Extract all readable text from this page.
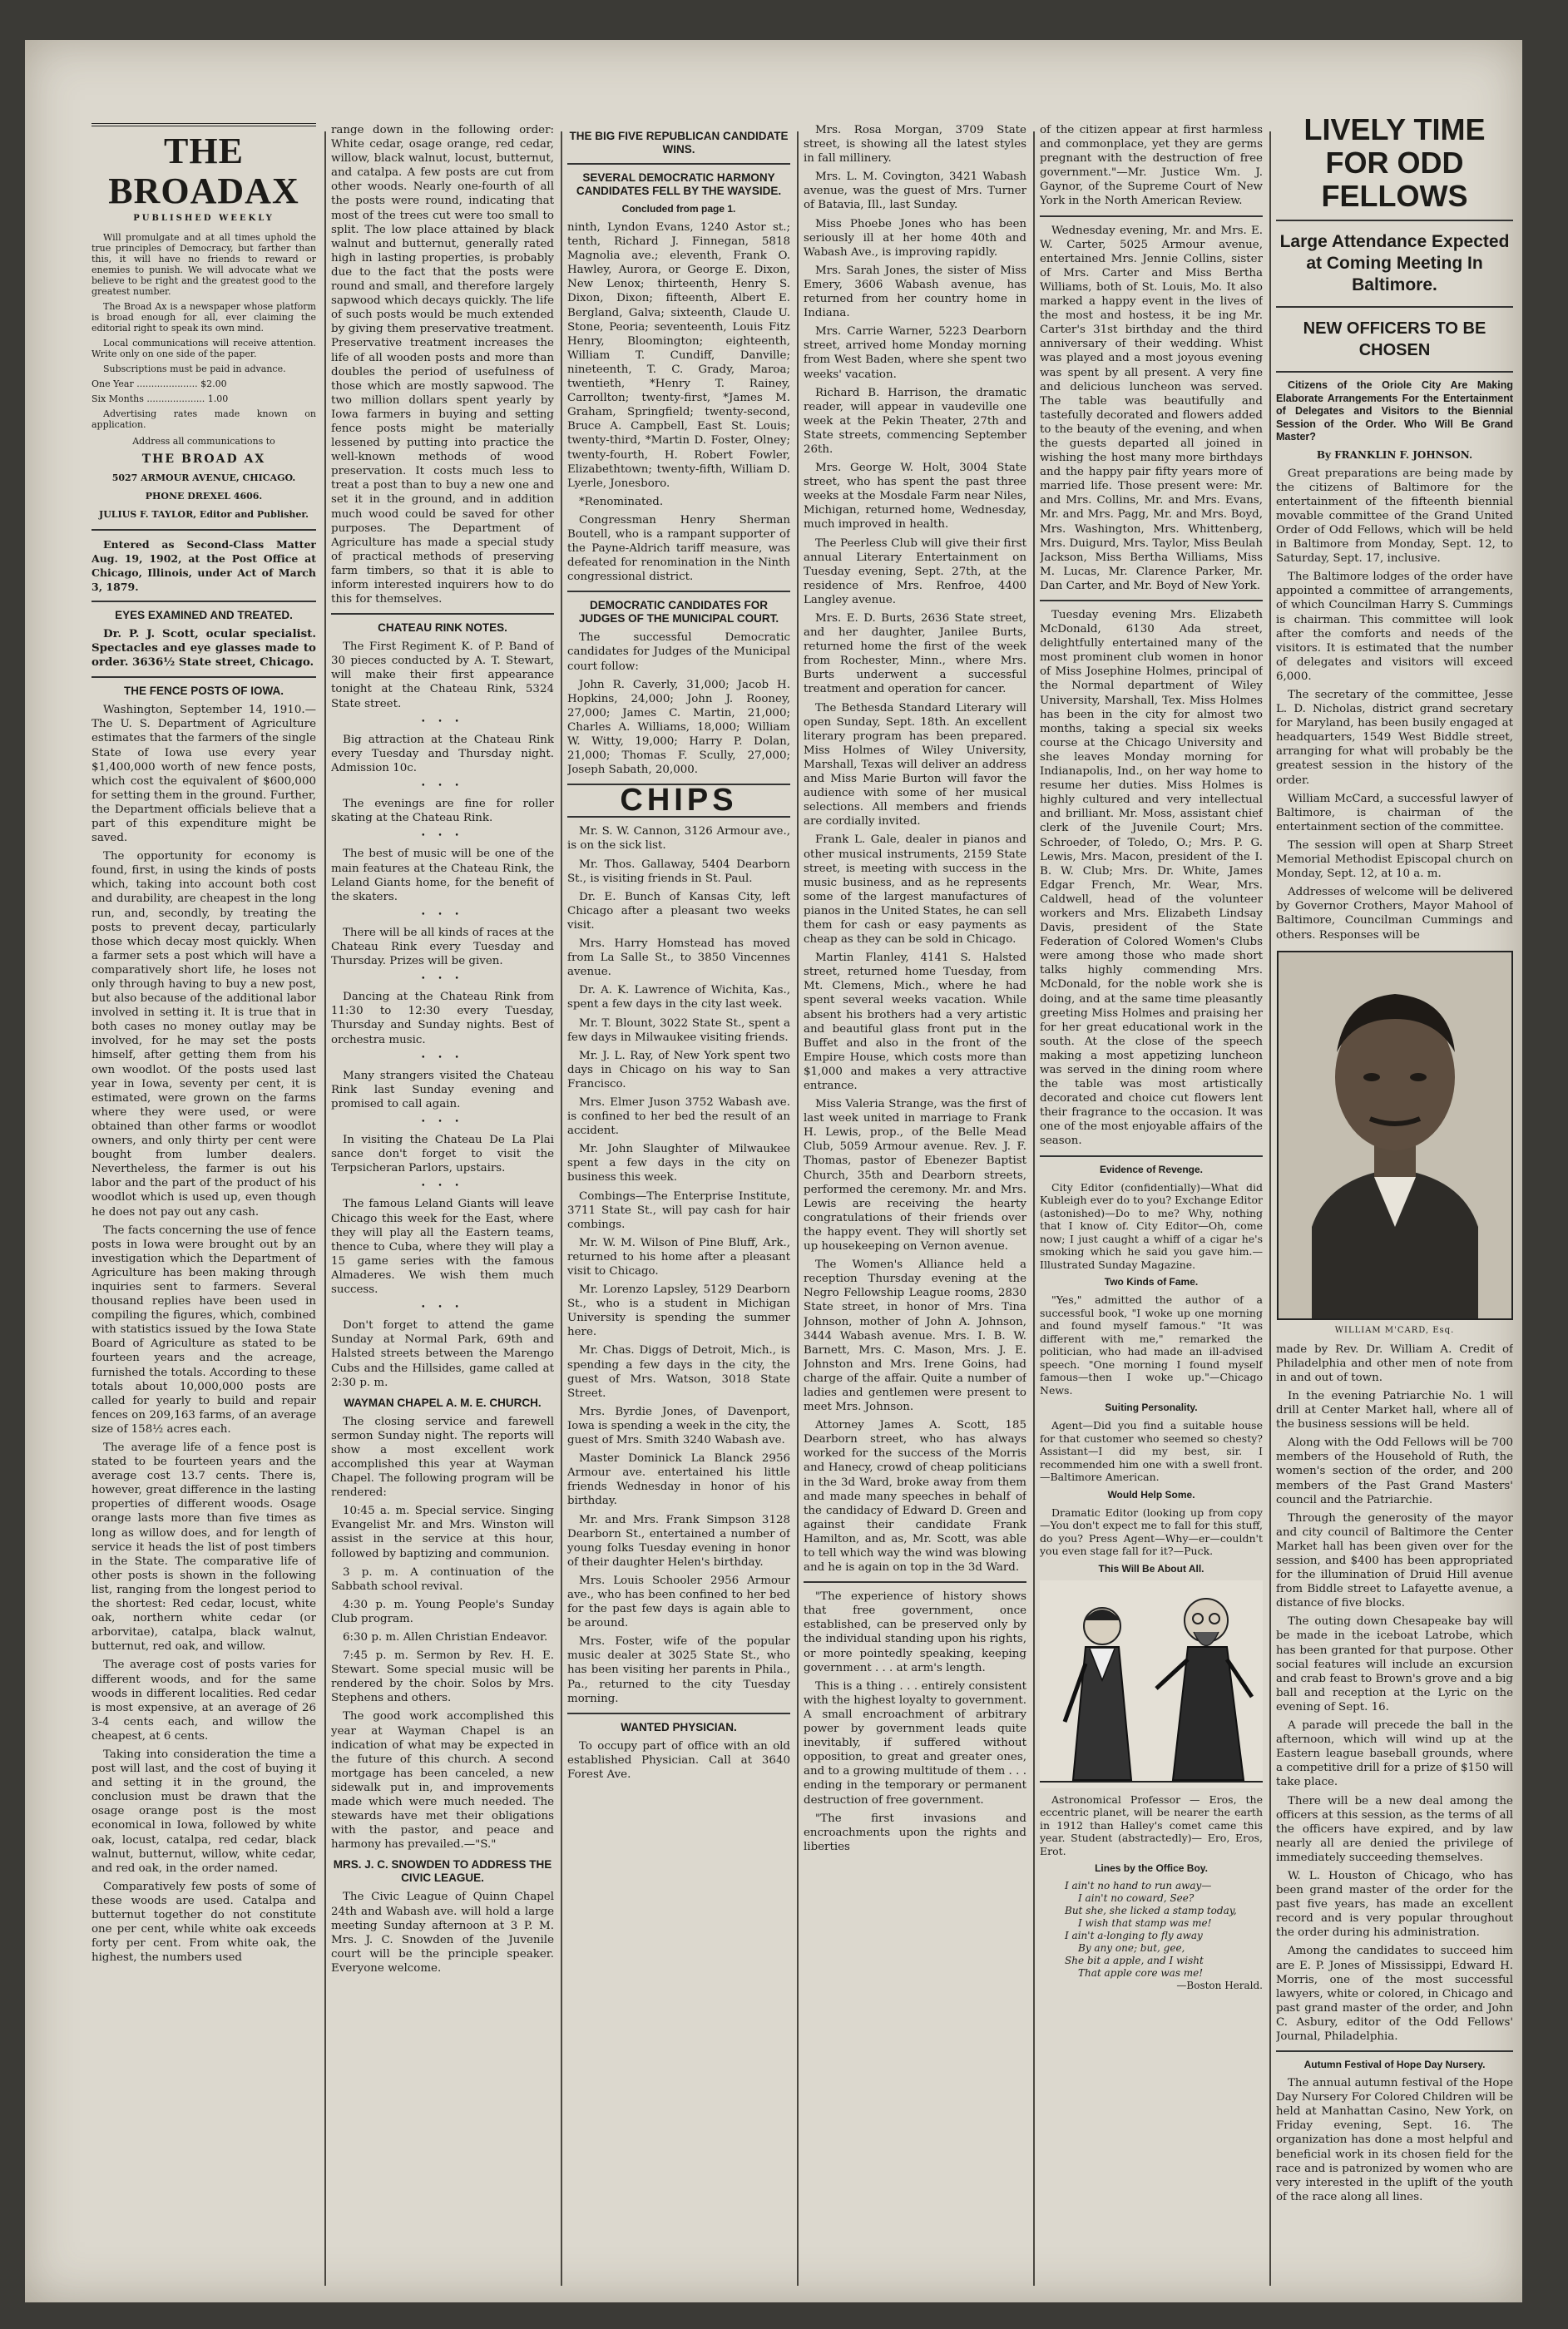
THE BROADAX
PUBLISHED WEEKLY

Will promulgate and at all times uphold the true principles of Democracy, but farther than this, it will have no friends to reward or enemies to punish. We will advocate what we believe to be right and the greatest good to the greatest number.

The Broad Ax is a newspaper whose platform is broad enough for all, ever claiming the editorial right to speak its own mind.

Local communications will receive attention. Write only on one side of the paper.

Subscriptions must be paid in advance.

One Year ..................... $2.00

Six Months .................... 1.00

Advertising rates made known on application.

Address all communications to

THE BROAD AX

5027 ARMOUR AVENUE, CHICAGO.

PHONE DREXEL 4606.

JULIUS F. TAYLOR, Editor and Publisher.

Entered as Second-Class Matter Aug. 19, 1902, at the Post Office at Chicago, Illinois, under Act of March 3, 1879.

EYES EXAMINED AND TREATED.

Dr. P. J. Scott, ocular specialist. Spectacles and eye glasses made to order. 3636½ State street, Chicago.

THE FENCE POSTS OF IOWA.

Washington, September 14, 1910.— The U. S. Department of Agriculture estimates that the farmers of the single State of Iowa use every year $1,400,000 worth of new fence posts, which cost the equivalent of $600,000 for setting them in the ground. Further, the Department officials believe that a part of this expenditure might be saved.

The opportunity for economy is found, first, in using the kinds of posts which, taking into account both cost and durability, are cheapest in the long run, and, secondly, by treating the posts to prevent decay, particularly those which decay most quickly. When a farmer sets a post which will have a comparatively short life, he loses not only through having to buy a new post, but also because of the additional labor involved in setting it. It is true that in both cases no money outlay may be involved, for he may set the posts himself, after getting them from his own woodlot. Of the posts used last year in Iowa, seventy per cent, it is estimated, were grown on the farms where they were used, or were obtained than other farms or woodlot owners, and only thirty per cent were bought from lumber dealers. Nevertheless, the farmer is out his labor and the part of the product of his woodlot which is used up, even though he does not pay out any cash.

The facts concerning the use of fence posts in Iowa were brought out by an investigation which the Department of Agriculture has been making through inquiries sent to farmers. Several thousand replies have been used in compiling the figures, which, combined with statistics issued by the Iowa State Board of Agriculture as stated to be fourteen years and the acreage, furnished the totals. According to these totals about 10,000,000 posts are called for yearly to build and repair fences on 209,163 farms, of an average size of 158½ acres each.

The average life of a fence post is stated to be fourteen years and the average cost 13.7 cents. There is, however, great difference in the lasting properties of different woods. Osage orange lasts more than five times as long as willow does, and for length of service it heads the list of post timbers in the State. The comparative life of other posts is shown in the following list, ranging from the longest period to the shortest: Red cedar, locust, white oak, northern white cedar (or arborvitae), catalpa, black walnut, butternut, red oak, and willow.

The average cost of posts varies for different woods, and for the same woods in different localities. Red cedar is most expensive, at an average of 26 3-4 cents each, and willow the cheapest, at 6 cents.

Taking into consideration the time a post will last, and the cost of buying it and setting it in the ground, the conclusion must be drawn that the osage orange post is the most economical in Iowa, followed by white oak, locust, catalpa, red cedar, black walnut, butternut, willow, white cedar, and red oak, in the order named.

Comparatively few posts of some of these woods are used. Catalpa and butternut together do not constitute one per cent, while white oak exceeds forty per cent. From white oak, the highest, the numbers used

range down in the following order: White cedar, osage orange, red cedar, willow, black walnut, locust, butternut, and catalpa. A few posts are cut from other woods. Nearly one-fourth of all the posts were round, indicating that most of the trees cut were too small to split. The low place attained by black walnut and butternut, generally rated high in lasting properties, is probably due to the fact that the posts were round and small, and therefore largely sapwood which decays quickly. The life of such posts would be much extended by giving them preservative treatment. Preservative treatment increases the life of all wooden posts and more than doubles the period of usefulness of those which are mostly sapwood. The two million dollars spent yearly by Iowa farmers in buying and setting fence posts might be materially lessened by putting into practice the well-known methods of wood preservation. It costs much less to treat a post than to buy a new one and set it in the ground, and in addition much wood could be saved for other purposes. The Department of Agriculture has made a special study of practical methods of preserving farm timbers, so that it is able to inform interested inquirers how to do this for themselves.

CHATEAU RINK NOTES.

The First Regiment K. of P. Band of 30 pieces conducted by A. T. Stewart, will make their first appearance tonight at the Chateau Rink, 5324 State street.

• • •

Big attraction at the Chateau Rink every Tuesday and Thursday night. Admission 10c.

• • •

The evenings are fine for roller skating at the Chateau Rink.

• • •

The best of music will be one of the main features at the Chateau Rink, the Leland Giants home, for the benefit of the skaters.

• • •

There will be all kinds of races at the Chateau Rink every Tuesday and Thursday. Prizes will be given.

• • •

Dancing at the Chateau Rink from 11:30 to 12:30 every Tuesday, Thursday and Sunday nights. Best of orchestra music.

• • •

Many strangers visited the Chateau Rink last Sunday evening and promised to call again.

• • •

In visiting the Chateau De La Plai sance don't forget to visit the Terpsicheran Parlors, upstairs.

• • •

The famous Leland Giants will leave Chicago this week for the East, where they will play all the Eastern teams, thence to Cuba, where they will play a 15 game series with the famous Almaderes. We wish them much success.

• • •

Don't forget to attend the game Sunday at Normal Park, 69th and Halsted streets between the Marengo Cubs and the Hillsides, game called at 2:30 p. m.

WAYMAN CHAPEL A. M. E. CHURCH.

The closing service and farewell sermon Sunday night. The reports will show a most excellent work accomplished this year at Wayman Chapel. The following program will be rendered:

10:45 a. m. Special service. Singing Evangelist Mr. and Mrs. Winston will assist in the service at this hour, followed by baptizing and communion.

3 p. m. A continuation of the Sabbath school revival.

4:30 p. m. Young People's Sunday Club program.

6:30 p. m. Allen Christian Endeavor.

7:45 p. m. Sermon by Rev. H. E. Stewart. Some special music will be rendered by the choir. Solos by Mrs. Stephens and others.

The good work accomplished this year at Wayman Chapel is an indication of what may be expected in the future of this church. A second mortgage has been canceled, a new sidewalk put in, and improvements made which were much needed. The stewards have met their obligations with the pastor, and peace and harmony has prevailed.—"S."

MRS. J. C. SNOWDEN TO ADDRESS THE CIVIC LEAGUE.

The Civic League of Quinn Chapel 24th and Wabash ave. will hold a large meeting Sunday afternoon at 3 P. M. Mrs. J. C. Snowden of the Juvenile court will be the principle speaker. Everyone welcome.

THE BIG FIVE REPUBLICAN CANDIDATE WINS.
SEVERAL DEMOCRATIC HARMONY CANDIDATES FELL BY THE WAYSIDE.
Concluded from page 1.

ninth, Lyndon Evans, 1240 Astor st.; tenth, Richard J. Finnegan, 5818 Magnolia ave.; eleventh, Frank O. Hawley, Aurora, or George E. Dixon, New Lenox; thirteenth, Henry S. Dixon, Dixon; fifteenth, Albert E. Bergland, Galva; sixteenth, Claude U. Stone, Peoria; seventeenth, Louis Fitz Henry, Bloomington; eighteenth, William T. Cundiff, Danville; nineteenth, T. C. Grady, Maroa; twentieth, *Henry T. Rainey, Carrollton; twenty-first, *James M. Graham, Springfield; twenty-second, Bruce A. Campbell, East St. Louis; twenty-third, *Martin D. Foster, Olney; twenty-fourth, H. Robert Fowler, Elizabethtown; twenty-fifth, William D. Lyerle, Jonesboro.

*Renominated.

Congressman Henry Sherman Boutell, who is a rampant supporter of the Payne-Aldrich tariff measure, was defeated for renomination in the Ninth congressional district.

DEMOCRATIC CANDIDATES FOR JUDGES OF THE MUNICIPAL COURT.

The successful Democratic candidates for Judges of the Municipal court follow:

John R. Caverly, 31,000; Jacob H. Hopkins, 24,000; John J. Rooney, 27,000; James C. Martin, 21,000; Charles A. Williams, 18,000; William W. Witty, 19,000; Harry P. Dolan, 21,000; Thomas F. Scully, 27,000; Joseph Sabath, 20,000.

CHIPS

Mr. S. W. Cannon, 3126 Armour ave., is on the sick list.

Mr. Thos. Gallaway, 5404 Dearborn St., is visiting friends in St. Paul.

Dr. E. Bunch of Kansas City, left Chicago after a pleasant two weeks visit.

Mrs. Harry Homstead has moved from La Salle St., to 3850 Vincennes avenue.

Dr. A. K. Lawrence of Wichita, Kas., spent a few days in the city last week.

Mr. T. Blount, 3022 State St., spent a few days in Milwaukee visiting friends.

Mr. J. L. Ray, of New York spent two days in Chicago on his way to San Francisco.

Mrs. Elmer Juson 3752 Wabash ave. is confined to her bed the result of an accident.

Mr. John Slaughter of Milwaukee spent a few days in the city on business this week.

Combings—The Enterprise Institute, 3711 State St., will pay cash for hair combings.

Mr. W. M. Wilson of Pine Bluff, Ark., returned to his home after a pleasant visit to Chicago.

Mr. Lorenzo Lapsley, 5129 Dearborn St., who is a student in Michigan University is spending the summer here.

Mr. Chas. Diggs of Detroit, Mich., is spending a few days in the city, the guest of Mrs. Watson, 3018 State Street.

Mrs. Byrdie Jones, of Davenport, Iowa is spending a week in the city, the guest of Mrs. Smith 3240 Wabash ave.

Master Dominick La Blanck 2956 Armour ave. entertained his little friends Wednesday in honor of his birthday.

Mr. and Mrs. Frank Simpson 3128 Dearborn St., entertained a number of young folks Tuesday evening in honor of their daughter Helen's birthday.

Mrs. Louis Schooler 2956 Armour ave., who has been confined to her bed for the past few days is again able to be around.

Mrs. Foster, wife of the popular music dealer at 3025 State St., who has been visiting her parents in Phila., Pa., returned to the city Tuesday morning.

WANTED PHYSICIAN.

To occupy part of office with an old established Physician. Call at 3640 Forest Ave.

Mrs. Rosa Morgan, 3709 State street, is showing all the latest styles in fall millinery.

Mrs. L. M. Covington, 3421 Wabash avenue, was the guest of Mrs. Turner of Batavia, Ill., last Sunday.

Miss Phoebe Jones who has been seriously ill at her home 40th and Wabash Ave., is improving rapidly.

Mrs. Sarah Jones, the sister of Miss Emery, 3606 Wabash avenue, has returned from her country home in Indiana.

Mrs. Carrie Warner, 5223 Dearborn street, arrived home Monday morning from West Baden, where she spent two weeks' vacation.

Richard B. Harrison, the dramatic reader, will appear in vaudeville one week at the Pekin Theater, 27th and State streets, commencing September 26th.

Mrs. George W. Holt, 3004 State street, who has spent the past three weeks at the Mosdale Farm near Niles, Michigan, returned home, Wednesday, much improved in health.

The Peerless Club will give their first annual Literary Entertainment on Tuesday evening, Sept. 27th, at the residence of Mrs. Renfroe, 4400 Langley avenue.

Mrs. E. D. Burts, 2636 State street, and her daughter, Janilee Burts, returned home the first of the week from Rochester, Minn., where Mrs. Burts underwent a successful treatment and operation for cancer.

The Bethesda Standard Literary will open Sunday, Sept. 18th. An excellent literary program has been prepared. Miss Holmes of Wiley University, Marshall, Texas will deliver an address and Miss Marie Burton will favor the audience with some of her musical selections. All members and friends are cordially invited.

Frank L. Gale, dealer in pianos and other musical instruments, 2159 State street, is meeting with success in the music business, and as he represents some of the largest manufactures of pianos in the United States, he can sell them for cash or easy payments as cheap as they can be sold in Chicago.

Martin Flanley, 4141 S. Halsted street, returned home Tuesday, from Mt. Clemens, Mich., where he had spent several weeks vacation. While absent his brothers had a very artistic and beautiful glass front put in the Buffet and also in the front of the Empire House, which costs more than $1,000 and makes a very attractive entrance.

Miss Valeria Strange, was the first of last week united in marriage to Frank H. Lewis, prop., of the Belle Mead Club, 5059 Armour avenue. Rev. J. F. Thomas, pastor of Ebenezer Baptist Church, 35th and Dearborn streets, performed the ceremony. Mr. and Mrs. Lewis are receiving the hearty congratulations of their friends over the happy event. They will shortly set up housekeeping on Vernon avenue.

The Women's Alliance held a reception Thursday evening at the Negro Fellowship League rooms, 2830 State street, in honor of Mrs. Tina Johnson, mother of John A. Johnson, 3444 Wabash avenue. Mrs. I. B. W. Barnett, Mrs. C. Mason, Mrs. J. E. Johnston and Mrs. Irene Goins, had charge of the affair. Quite a number of ladies and gentlemen were present to meet Mrs. Johnson.

Attorney James A. Scott, 185 Dearborn street, who has always worked for the success of the Morris and Hanecy, crowd of cheap politicians in the 3d Ward, broke away from them and made many speeches in behalf of the candidacy of Edward D. Green and against their candidate Frank Hamilton, and as, Mr. Scott, was able to tell which way the wind was blowing and he is again on top in the 3d Ward.

"The experience of history shows that free government, once established, can be preserved only by the individual standing upon his rights, or more pointedly speaking, keeping government . . . at arm's length.

This is a thing . . . entirely consistent with the highest loyalty to government. A small encroachment of arbitrary power by government leads quite inevitably, if suffered without opposition, to great and greater ones, and to a growing multitude of them . . . ending in the temporary or permanent destruction of free government.

"The first invasions and encroachments upon the rights and liberties

of the citizen appear at first harmless and commonplace, yet they are germs pregnant with the destruction of free government."—Mr. Justice Wm. J. Gaynor, of the Supreme Court of New York in the North American Review.

Wednesday evening, Mr. and Mrs. E. W. Carter, 5025 Armour avenue, entertained Mrs. Jennie Collins, sister of Mrs. Carter and Miss Bertha Williams, both of St. Louis, Mo. It also marked a happy event in the lives of the most and hostess, it be ing Mr. Carter's 31st birthday and the third anniversary of their wedding. Whist was played and a most joyous evening was spent by all present. A very fine and delicious luncheon was served. The table was beautifully and tastefully decorated and flowers added to the beauty of the evening, and when the guests departed all joined in wishing the host many more birthdays and the happy pair fifty years more of married life. Those present were: Mr. and Mrs. Collins, Mr. and Mrs. Evans, Mr. and Mrs. Pagg, Mr. and Mrs. Boyd, Mrs. Washington, Mrs. Whittenberg, Mrs. Duigurd, Mrs. Taylor, Miss Beulah Jackson, Miss Bertha Williams, Miss M. Lucas, Mr. Clarence Parker, Mr. Dan Carter, and Mr. Boyd of New York.

Tuesday evening Mrs. Elizabeth McDonald, 6130 Ada street, delightfully entertained many of the most prominent club women in honor of Miss Josephine Holmes, principal of the Normal department of Wiley University, Marshall, Tex. Miss Holmes has been in the city for almost two months, taking a special six weeks course at the Chicago University and she leaves Monday morning for Indianapolis, Ind., on her way home to resume her duties. Miss Holmes is highly cultured and very intellectual and brilliant. Mr. Moss, assistant chief clerk of the Juvenile Court; Mrs. Schroeder, of Toledo, O.; Mrs. P. G. Lewis, Mrs. Macon, president of the I. B. W. Club; Mrs. Dr. White, James Edgar French, Mr. Wear, Mrs. Caldwell, head of the volunteer workers and Mrs. Elizabeth Lindsay Davis, president of the State Federation of Colored Women's Clubs were among those who made short talks highly commending Mrs. McDonald, for the noble work she is doing, and at the same time pleasantly greeting Miss Holmes and praising her for her great educational work in the south. At the close of the speech making a most appetizing luncheon was served in the dining room where the table was most artistically decorated and choice cut flowers lent their fragrance to the occasion. It was one of the most enjoyable affairs of the season.

Evidence of Revenge.

City Editor (confidentially)—What did Kubleigh ever do to you? Exchange Editor (astonished)—Do to me? Why, nothing that I know of. City Editor—Oh, come now; I just caught a whiff of a cigar he's smoking which he said you gave him.—Illustrated Sunday Magazine.

Two Kinds of Fame.

"Yes," admitted the author of a successful book, "I woke up one morning and found myself famous." "It was different with me," remarked the politician, who had made an ill-advised speech. "One morning I found myself famous—then I woke up."—Chicago News.

Suiting Personality.

Agent—Did you find a suitable house for that customer who seemed so chesty? Assistant—I did my best, sir. I recommended him one with a swell front.—Baltimore American.

Would Help Some.

Dramatic Editor (looking up from copy—You don't expect me to fall for this stuff, do you? Press Agent—Why—er—couldn't you even stage fall for it?—Puck.

This Will Be About All.

Astronomical Professor — Eros, the eccentric planet, will be nearer the earth in 1912 than Halley's comet came this year. Student (abstractedly)— Ero, Eros, Erot.

Lines by the Office Boy.
I ain't no hand to run away—
I ain't no coward, See?
But she, she licked a stamp today,
I wish that stamp was me!
I ain't a-longing to fly away
By any one; but, gee,
She bit a apple, and I wisht
That apple core was me!
—Boston Herald.
LIVELY TIME FOR ODD FELLOWS
Large Attendance Expected at Coming Meeting In Baltimore.
NEW OFFICERS TO BE CHOSEN

Citizens of the Oriole City Are Making Elaborate Arrangements For the Entertainment of Delegates and Visitors to the Biennial Session of the Order. Who Will Be Grand Master?

By FRANKLIN F. JOHNSON.

Great preparations are being made by the citizens of Baltimore for the entertainment of the fifteenth biennial movable committee of the Grand United Order of Odd Fellows, which will be held in Baltimore from Monday, Sept. 12, to Saturday, Sept. 17, inclusive.

The Baltimore lodges of the order have appointed a committee of arrangements, of which Councilman Harry S. Cummings is chairman. This committee will look after the comforts and needs of the visitors. It is estimated that the number of delegates and visitors will exceed 6,000.

The secretary of the committee, Jesse L. D. Nicholas, district grand secretary for Maryland, has been busily engaged at headquarters, 1549 West Biddle street, arranging for what will probably be the greatest session in the history of the order.

William McCard, a successful lawyer of Baltimore, is chairman of the entertainment section of the committee.

The session will open at Sharp Street Memorial Methodist Episcopal church on Monday, Sept. 12, at 10 a. m.

Addresses of welcome will be delivered by Governor Crothers, Mayor Mahool of Baltimore, Councilman Cummings and others. Responses will be

WILLIAM M'CARD, Esq.

made by Rev. Dr. William A. Credit of Philadelphia and other men of note from in and out of town.

In the evening Patriarchie No. 1 will drill at Center Market hall, where all of the business sessions will be held.

Along with the Odd Fellows will be 700 members of the Household of Ruth, the women's section of the order, and 200 members of the Past Grand Masters' council and the Patriarchie.

Through the generosity of the mayor and city council of Baltimore the Center Market hall has been given over for the session, and $400 has been appropriated for the illumination of Druid Hill avenue from Biddle street to Lafayette avenue, a distance of five blocks.

The outing down Chesapeake bay will be made in the iceboat Latrobe, which has been granted for that purpose. Other social features will include an excursion and crab feast to Brown's grove and a big ball and reception at the Lyric on the evening of Sept. 16.

A parade will precede the ball in the afternoon, which will wind up at the Eastern league baseball grounds, where a competitive drill for a prize of $150 will take place.

There will be a new deal among the officers at this session, as the terms of all the officers have expired, and by law nearly all are denied the privilege of immediately succeeding themselves.

W. L. Houston of Chicago, who has been grand master of the order for the past five years, has made an excellent record and is very popular throughout the order during his administration.

Among the candidates to succeed him are E. P. Jones of Mississippi, Edward H. Morris, one of the most successful lawyers, white or colored, in Chicago and past grand master of the order, and John C. Asbury, editor of the Odd Fellows' Journal, Philadelphia.

Autumn Festival of Hope Day Nursery.

The annual autumn festival of the Hope Day Nursery For Colored Children will be held at Manhattan Casino, New York, on Friday evening, Sept. 16. The organization has done a most helpful and beneficial work in its chosen field for the race and is patronized by women who are very interested in the uplift of the youth of the race along all lines.
